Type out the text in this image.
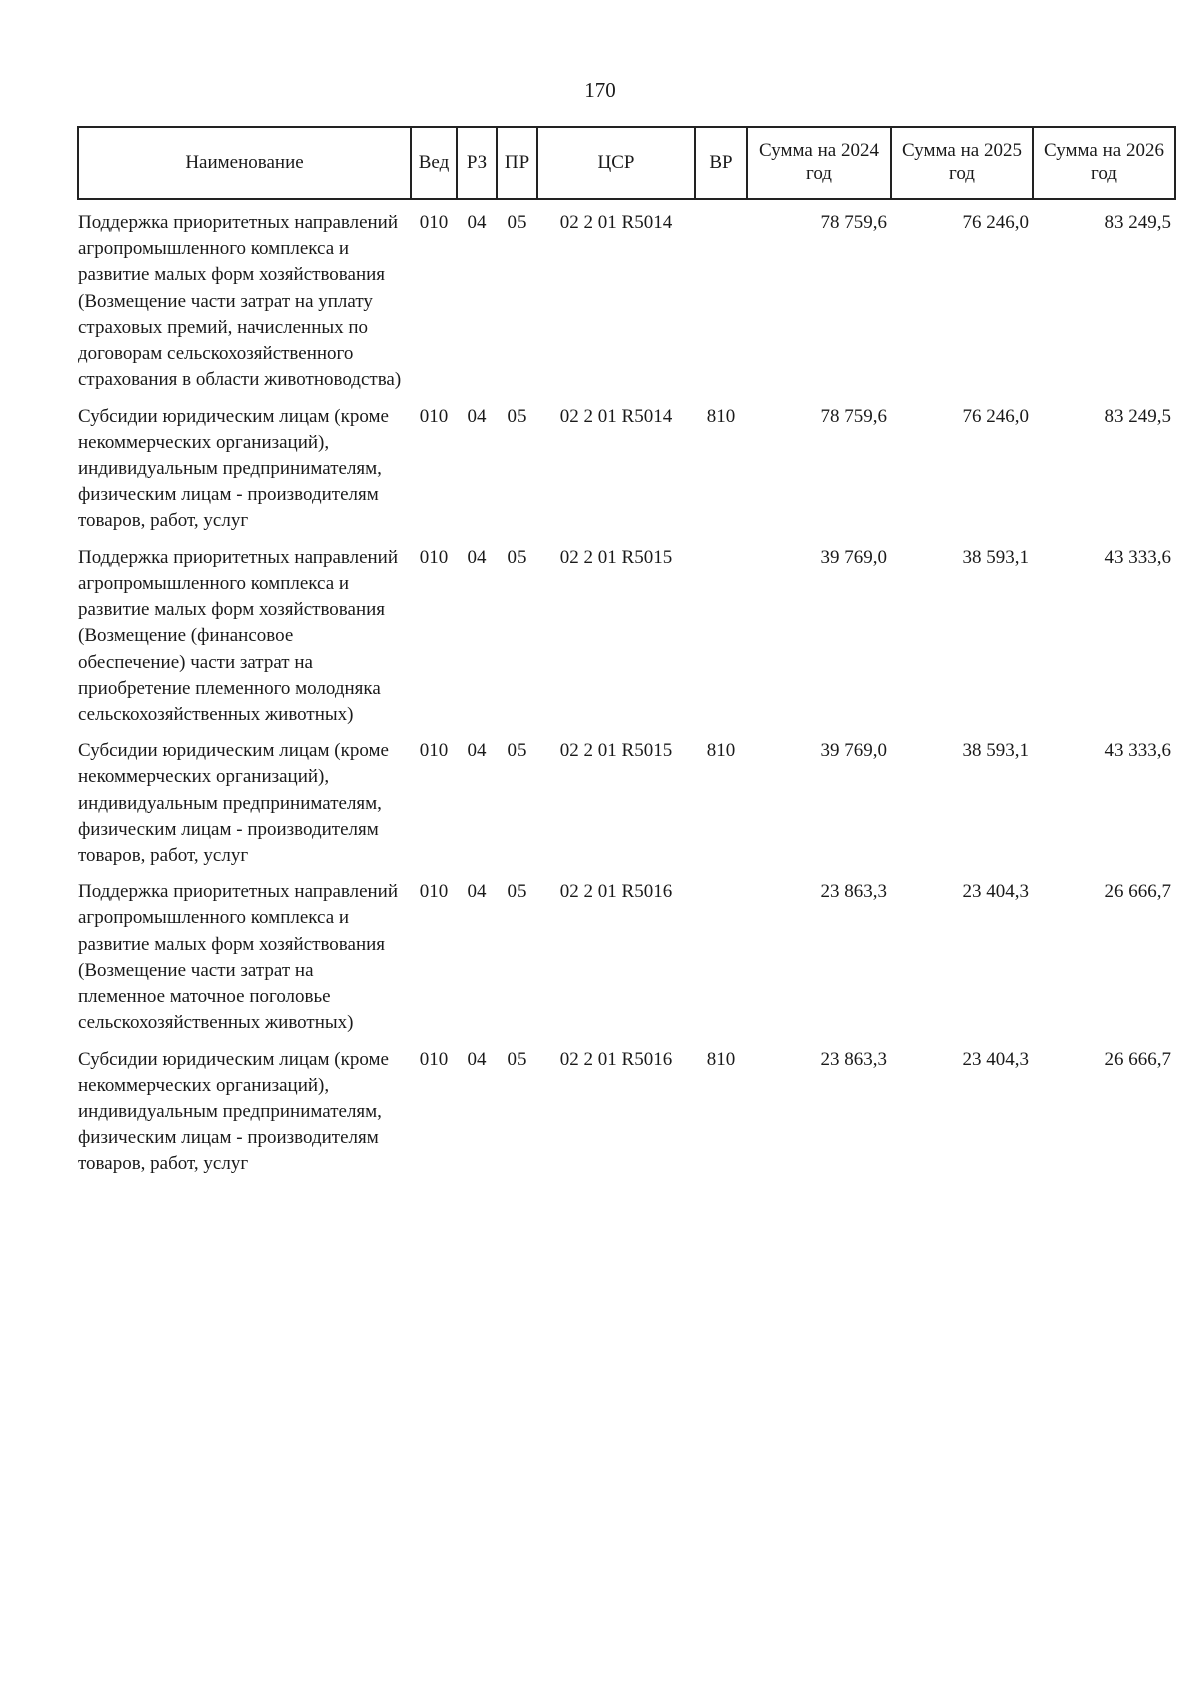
170
Наименование	Вед	РЗ	ПР	ЦСР	ВР	Сумма на 2024 год	Сумма на 2025 год	Сумма на 2026 год
Поддержка приоритетных направлений агропромышленного комплекса и развитие малых форм хозяйствования (Возмещение части затрат на уплату страховых премий, начисленных по договорам сельскохозяйственного страхования в области животноводства)	010	04	05	02 2 01 R5014		78 759,6	76 246,0	83 249,5
Субсидии юридическим лицам (кроме некоммерческих организаций), индивидуальным предпринимателям, физическим лицам - производителям товаров, работ, услуг	010	04	05	02 2 01 R5014	810	78 759,6	76 246,0	83 249,5
Поддержка приоритетных направлений агропромышленного комплекса и развитие малых форм хозяйствования (Возмещение (финансовое обеспечение) части затрат на приобретение племенного молодняка сельскохозяйственных животных)	010	04	05	02 2 01 R5015		39 769,0	38 593,1	43 333,6
Субсидии юридическим лицам (кроме некоммерческих организаций), индивидуальным предпринимателям, физическим лицам - производителям товаров, работ, услуг	010	04	05	02 2 01 R5015	810	39 769,0	38 593,1	43 333,6
Поддержка приоритетных направлений агропромышленного комплекса и развитие малых форм хозяйствования (Возмещение части затрат на племенное маточное поголовье сельскохозяйственных животных)	010	04	05	02 2 01 R5016		23 863,3	23 404,3	26 666,7
Субсидии юридическим лицам (кроме некоммерческих организаций), индивидуальным предпринимателям, физическим лицам - производителям товаров, работ, услуг	010	04	05	02 2 01 R5016	810	23 863,3	23 404,3	26 666,7
